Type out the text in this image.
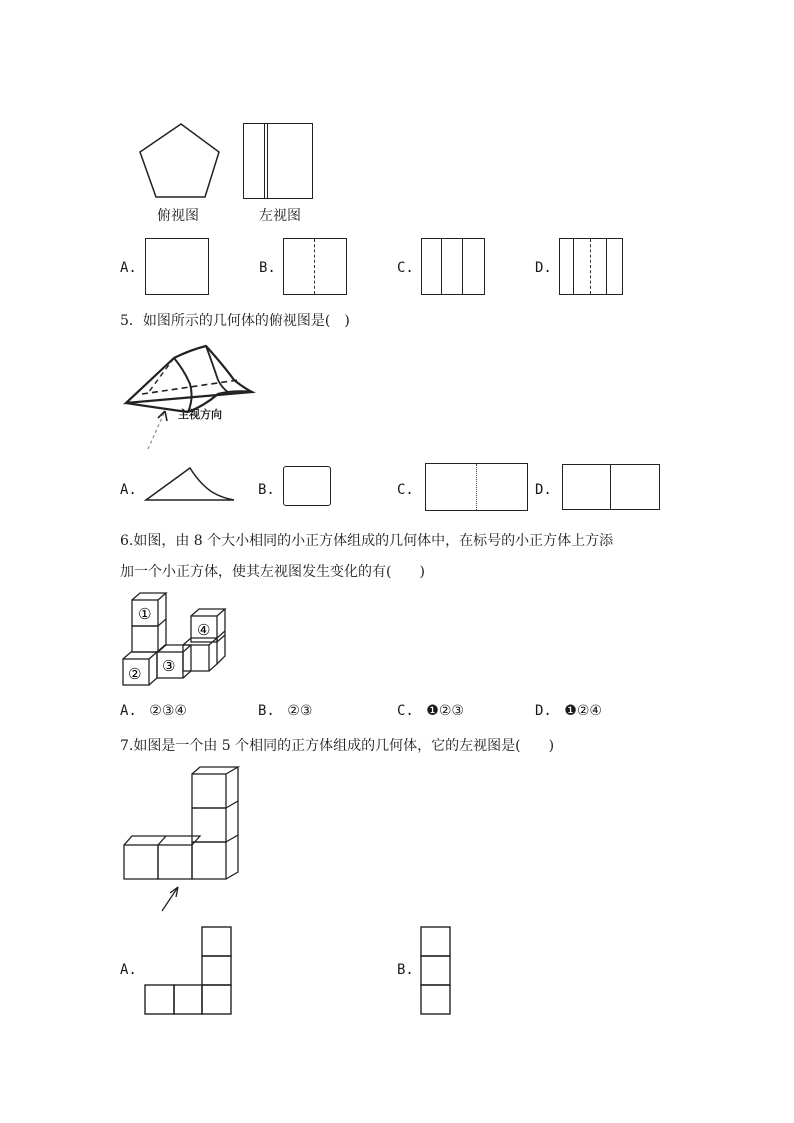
俯视图	左视图
A.	B.	C.	D.
5．如图所示的几何体的俯视图是(　)
主视方向
A.	B.	C.	D.
6.如图，由 8 个大小相同的小正方体组成的几何体中，在标号的小正方体上方添
加一个小正方体，使其左视图发生变化的有(　　)
①
② ③
④
A. ②③④	B. ②③	C. ❶②③	D. ❶②④
7.如图是一个由 5 个相同的正方体组成的几何体，它的左视图是(　　)
A.	B.
